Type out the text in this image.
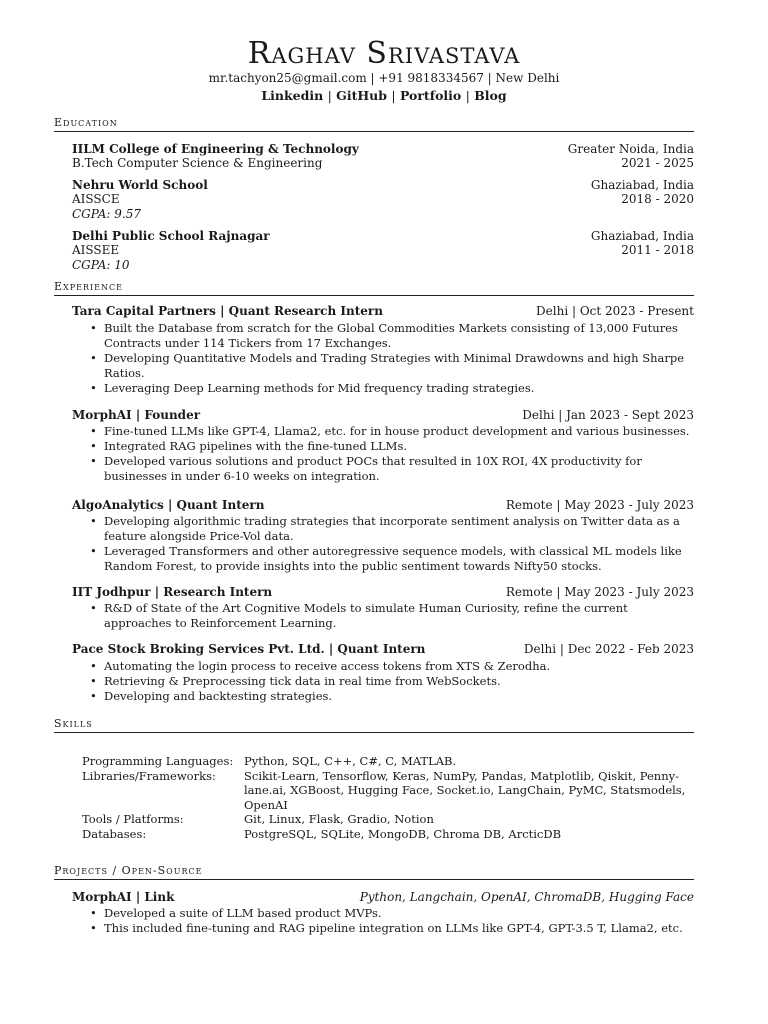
Raghav Srivastava
mr.tachyon25@gmail.com | +91 9818334567 | New Delhi
Linkedin | GitHub | Portfolio | Blog
Education
IILM College of Engineering & Technology	Greater Noida, India
B.Tech Computer Science & Engineering	2021 - 2025
Nehru World School	Ghaziabad, India
AISSCE	2018 - 2020
CGPA: 9.57
Delhi Public School Rajnagar	Ghaziabad, India
AISSEE	2011 - 2018
CGPA: 10
Experience
Tara Capital Partners | Quant Research Intern	Delhi | Oct 2023 - Present
• Built the Database from scratch for the Global Commodities Markets consisting of 13,000 Futures Contracts under 114 Tickers from 17 Exchanges.
• Developing Quantitative Models and Trading Strategies with Minimal Drawdowns and high Sharpe Ratios.
• Leveraging Deep Learning methods for Mid frequency trading strategies.
MorphAI | Founder	Delhi | Jan 2023 - Sept 2023
• Fine-tuned LLMs like GPT-4, Llama2, etc. for in house product development and various businesses.
• Integrated RAG pipelines with the fine-tuned LLMs.
• Developed various solutions and product POCs that resulted in 10X ROI, 4X productivity for businesses in under 6-10 weeks on integration.
AlgoAnalytics | Quant Intern	Remote | May 2023 - July 2023
• Developing algorithmic trading strategies that incorporate sentiment analysis on Twitter data as a feature alongside Price-Vol data.
• Leveraged Transformers and other autoregressive sequence models, with classical ML models like Random Forest, to provide insights into the public sentiment towards Nifty50 stocks.
IIT Jodhpur | Research Intern	Remote | May 2023 - July 2023
• R&D of State of the Art Cognitive Models to simulate Human Curiosity, refine the current approaches to Reinforcement Learning.
Pace Stock Broking Services Pvt. Ltd. | Quant Intern	Delhi | Dec 2022 - Feb 2023
• Automating the login process to receive access tokens from XTS & Zerodha.
• Retrieving & Preprocessing tick data in real time from WebSockets.
• Developing and backtesting strategies.
Skills
Programming Languages: Python, SQL, C++, C#, C, MATLAB.
Libraries/Frameworks:	Scikit-Learn, Tensorflow, Keras, NumPy, Pandas, Matplotlib, Qiskit, Penny-lane.ai, XGBoost, Hugging Face, Socket.io, LangChain, PyMC, Statsmodels, OpenAI
Tools / Platforms:	Git, Linux, Flask, Gradio, Notion
Databases:	PostgreSQL, SQLite, MongoDB, Chroma DB, ArcticDB
Projects / Open-Source
MorphAI | Link	Python, Langchain, OpenAI, ChromaDB, Hugging Face
• Developed a suite of LLM based product MVPs.
• This included fine-tuning and RAG pipeline integration on LLMs like GPT-4, GPT-3.5 T, Llama2, etc.
